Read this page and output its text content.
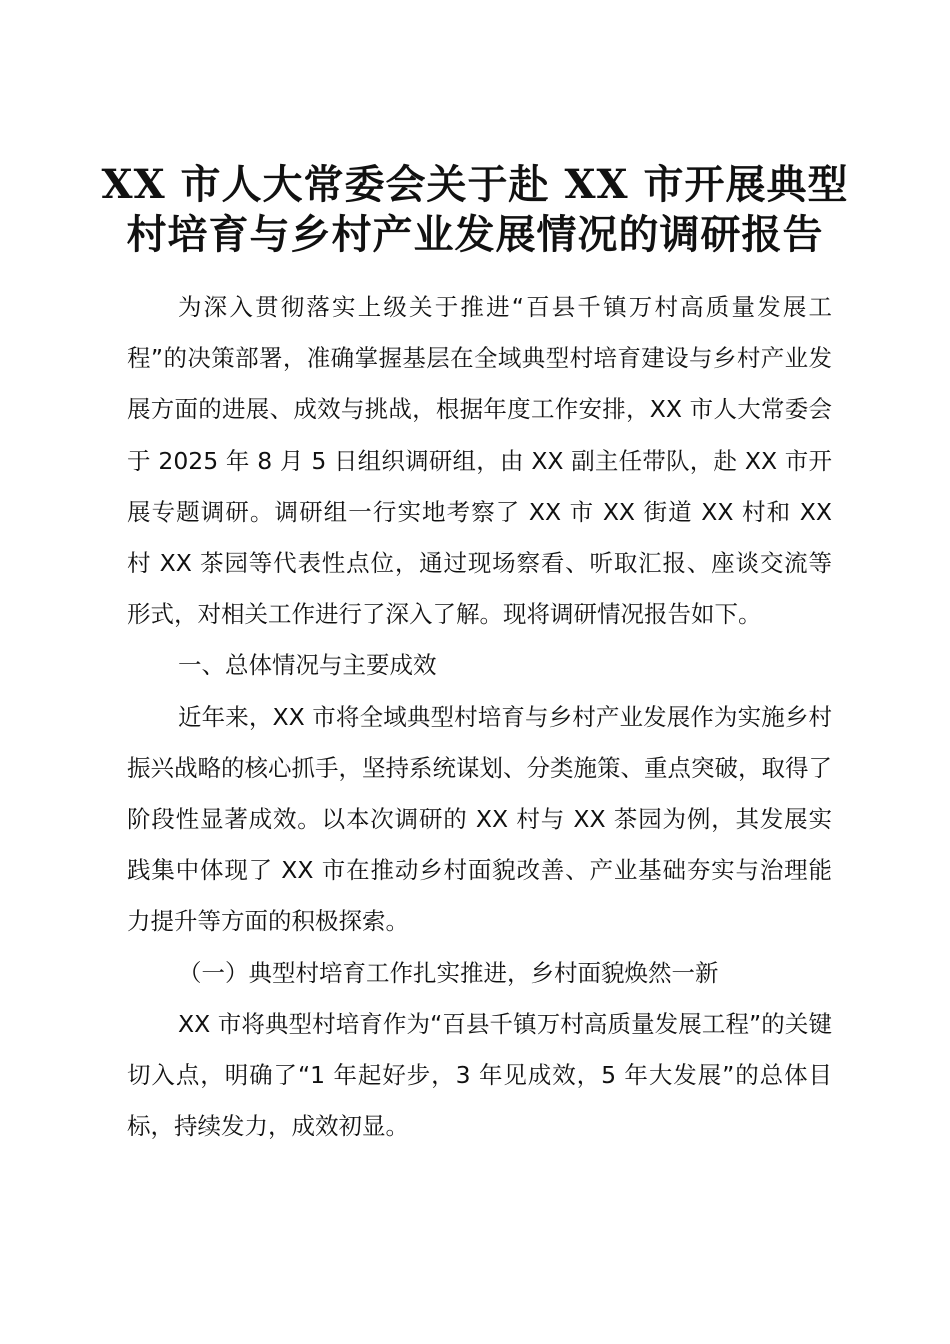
XX 市人大常委会关于赴 XX 市开展典型
村培育与乡村产业发展情况的调研报告

为深入贯彻落实上级关于推进“百县千镇万村高质量发展工程”的决策部署，准确掌握基层在全域典型村培育建设与乡村产业发展方面的进展、成效与挑战，根据年度工作安排，XX 市人大常委会于 2025 年 8 月 5 日组织调研组，由 XX 副主任带队，赴 XX 市开展专题调研。调研组一行实地考察了 XX 市 XX 街道 XX 村和 XX 村 XX 茶园等代表性点位，通过现场察看、听取汇报、座谈交流等形式，对相关工作进行了深入了解。现将调研情况报告如下。

一、总体情况与主要成效

近年来，XX 市将全域典型村培育与乡村产业发展作为实施乡村振兴战略的核心抓手，坚持系统谋划、分类施策、重点突破，取得了阶段性显著成效。以本次调研的 XX 村与 XX 茶园为例，其发展实践集中体现了 XX 市在推动乡村面貌改善、产业基础夯实与治理能力提升等方面的积极探索。

（一）典型村培育工作扎实推进，乡村面貌焕然一新

XX 市将典型村培育作为“百县千镇万村高质量发展工程”的关键切入点，明确了“1 年起好步，3 年见成效，5 年大发展”的总体目标，持续发力，成效初显。
